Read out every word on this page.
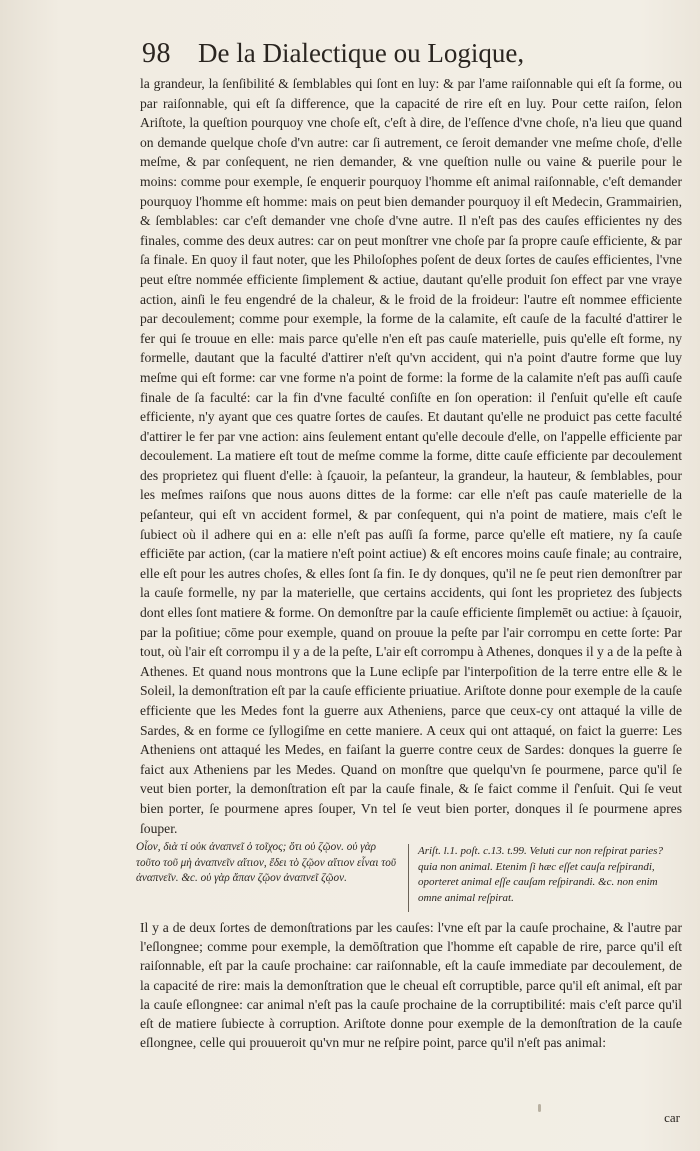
98 De la Dialectique ou Logique,

la grandeur, la ſenſibilité & ſemblables qui ſont en luy: & par l'ame raiſonnable qui eſt ſa forme, ou par raiſonnable, qui eſt ſa difference, que la capacité de rire eſt en luy. Pour cette raiſon, ſelon Ariſtote, la queſtion pourquoy vne choſe eſt, c'eſt à dire, de l'eſſence d'vne choſe, n'a lieu que quand on demande quelque choſe d'vn autre: car ſi autrement, ce ſeroit demander vne meſme choſe, d'elle meſme, & par conſequent, ne rien demander, & vne queſtion nulle ou vaine & puerile pour le moins: comme pour exemple, ſe enquerir pourquoy l'homme eſt animal raiſonnable, c'eſt demander pourquoy l'homme eſt homme: mais on peut bien demander pourquoy il eſt Medecin, Grammairien, & ſemblables: car c'eſt demander vne choſe d'vne autre. Il n'eſt pas des cauſes efficientes ny des finales, comme des deux autres: car on peut monſtrer vne choſe par ſa propre cauſe efficiente, & par ſa finale. En quoy il faut noter, que les Philoſophes poſent de deux ſortes de cauſes efficientes, l'vne peut eſtre nommée efficiente ſimplement & actiue, dautant qu'elle produit ſon effect par vne vraye action, ainſi le feu engendré de la chaleur, & le froid de la froideur: l'autre eſt nommee efficiente par decoulement; comme pour exemple, la forme de la calamite, eſt cauſe de la faculté d'attirer le fer qui ſe trouue en elle: mais parce qu'elle n'en eſt pas cauſe materielle, puis qu'elle eſt forme, ny formelle, dautant que la faculté d'attirer n'eſt qu'vn accident, qui n'a point d'autre forme que luy meſme qui eſt forme: car vne forme n'a point de forme: la forme de la calamite n'eſt pas auſſi cauſe finale de ſa faculté: car la fin d'vne faculté conſiſte en ſon operation: il ſ'enſuit qu'elle eſt cauſe efficiente, n'y ayant que ces quatre ſortes de cauſes. Et dautant qu'elle ne produict pas cette faculté d'attirer le fer par vne action: ains ſeulement entant qu'elle decoule d'elle, on l'appelle efficiente par decoulement. La matiere eſt tout de meſme comme la forme, ditte cauſe efficiente par decoulement des proprietez qui fluent d'elle: à ſçauoir, la peſanteur, la grandeur, la hauteur, & ſemblables, pour les meſmes raiſons que nous auons dittes de la forme: car elle n'eſt pas cauſe materielle de la peſanteur, qui eſt vn accident formel, & par conſequent, qui n'a point de matiere, mais c'eſt le ſubiect où il adhere qui en a: elle n'eſt pas auſſi ſa forme, parce qu'elle eſt matiere, ny ſa cauſe efficiēte par action, (car la matiere n'eſt point actiue) & eſt encores moins cauſe finale; au contraire, elle eſt pour les autres choſes, & elles ſont ſa fin. Ie dy donques, qu'il ne ſe peut rien demonſtrer par la cauſe formelle, ny par la materielle, que certains accidents, qui ſont les proprietez des ſubjects dont elles ſont matiere & forme. On demonſtre par la cauſe efficiente ſimplemēt ou actiue: à ſçauoir, par la poſitiue; cōme pour exemple, quand on prouue la peſte par l'air corrompu en cette ſorte: Par tout, où l'air eſt corrompu il y a de la peſte, L'air eſt corrompu à Athenes, donques il y a de la peſte à Athenes. Et quand nous montrons que la Lune eclipſe par l'interpoſition de la terre entre elle & le Soleil, la demonſtration eſt par la cauſe efficiente priuatiue. Ariſtote donne pour exemple de la cauſe efficiente que les Medes font la guerre aux Atheniens, parce que ceux-cy ont attaqué la ville de Sardes, & en forme ce ſyllogiſme en cette maniere. A ceux qui ont attaqué, on faict la guerre: Les Atheniens ont attaqué les Medes, en faiſant la guerre contre ceux de Sardes: donques la guerre ſe faict aux Atheniens par les Medes. Quand on monſtre que quelqu'vn ſe pourmene, parce qu'il ſe veut bien porter, la demonſtration eſt par la cauſe finale, & ſe faict comme il ſ'enſuit. Qui ſe veut bien porter, ſe pourmene apres ſouper, Vn tel ſe veut bien porter, donques il ſe pourmene apres ſouper.

Οἷον, διὰ τί οὐκ ἀναπνεῖ ὁ τοῖχος; ὅτι οὐ ζῷον. οὐ γὰρ τοῦτο τοῦ μὴ ἀναπνεῖν αἴτιον, ἔδει τὸ ζῷον αἴτιον εἶναι τοῦ ἀναπνεῖν. &c. οὐ γὰρ ἅπαν ζῷον ἀναπνεῖ ζῷον.
Ariſt. l.1. poſt. c.13. t.99. Veluti cur non reſpirat paries? quia non animal. Etenim ſi hæc eſſet cauſa reſpirandi, oporteret animal eſſe cauſam reſpirandi. &c. non enim omne animal reſpirat.

Il y a de deux ſortes de demonſtrations par les cauſes: l'vne eſt par la cauſe prochaine, & l'autre par l'eſlongnee; comme pour exemple, la demōſtration que l'homme eſt capable de rire, parce qu'il eſt raiſonnable, eſt par la cauſe prochaine: car raiſonnable, eſt la cauſe immediate par decoulement, de la capacité de rire: mais la demonſtration que le cheual eſt corruptible, parce qu'il eſt animal, eſt par la cauſe eſlongnee: car animal n'eſt pas la cauſe prochaine de la corruptibilité: mais c'eſt parce qu'il eſt de matiere ſubiecte à corruption. Ariſtote donne pour exemple de la demonſtration de la cauſe eſlongnee, celle qui prouueroit qu'vn mur ne reſpire point, parce qu'il n'eſt pas animal:

car
